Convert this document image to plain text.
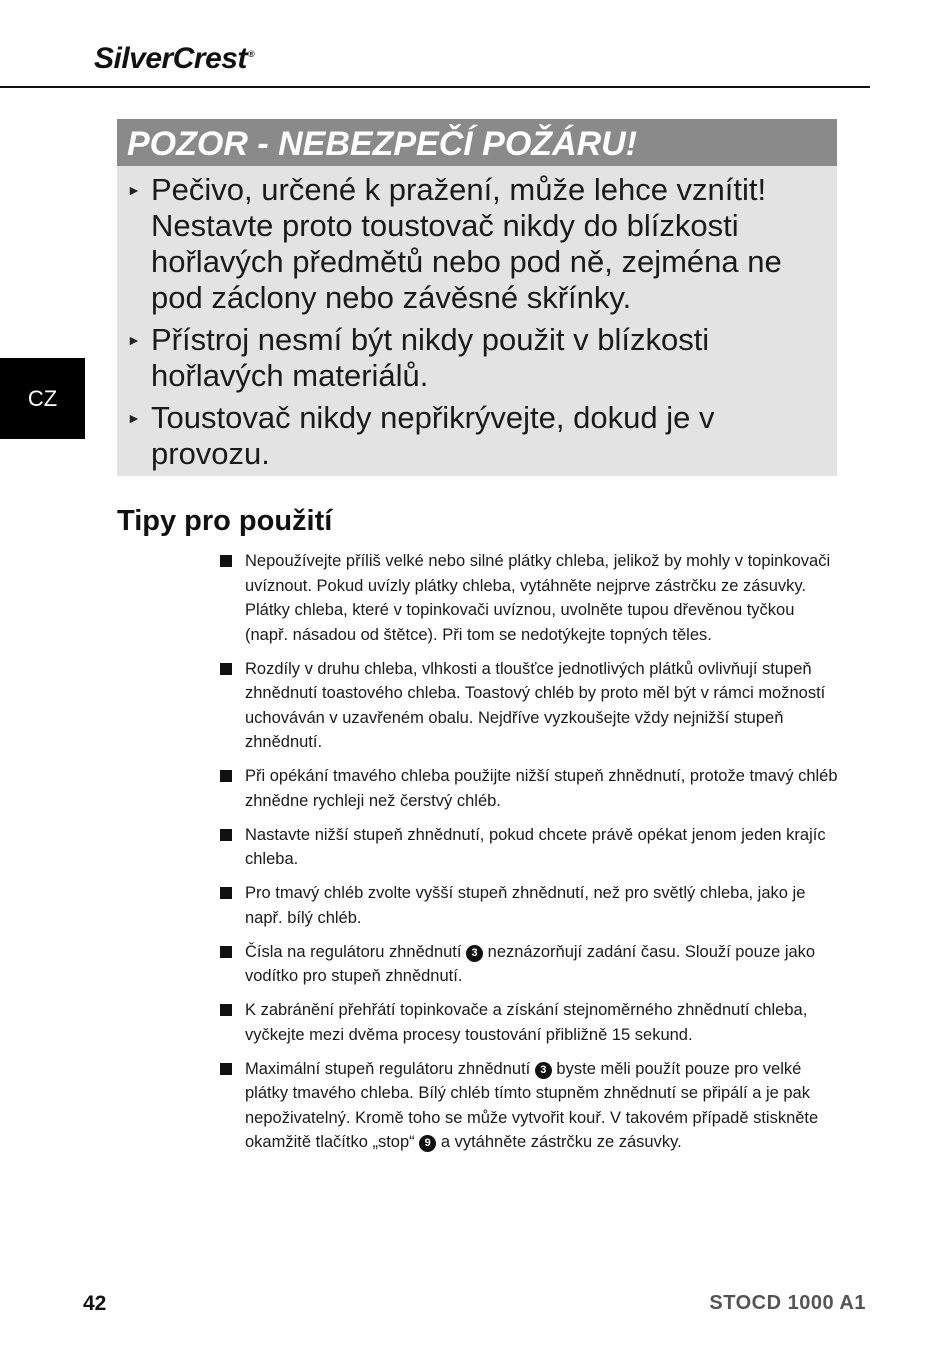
SilverCrest®
CZ
POZOR - NEBEZPEČÍ POŽÁRU!
► Pečivo, určené k pražení, může lehce vznítit! Nestavte proto toustovač nikdy do blízkosti hořlavých předmětů nebo pod ně, zejména ne pod záclony nebo závěsné skřínky.
► Přístroj nesmí být nikdy použit v blízkosti hořlavých materiálů.
► Toustovač nikdy nepřikrývejte, dokud je v provozu.
Tipy pro použití
Nepoužívejte příliš velké nebo silné plátky chleba, jelikož by mohly v topinkovači uvíznout. Pokud uvízly plátky chleba, vytáhněte nejprve zástrčku ze zásuvky. Plátky chleba, které v topinkovači uvíznou, uvolněte tupou dřevěnou tyčkou (např. násadou od štětce). Při tom se nedotýkejte topných těles.
Rozdíly v druhu chleba, vlhkosti a tloušťce jednotlivých plátků ovlivňují stupeň zhnědnutí toastového chleba. Toastový chléb by proto měl být v rámci možností uchováván v uzavřeném obalu. Nejdříve vyzkoušejte vždy nejnižší stupeň zhnědnutí.
Při opékání tmavého chleba použijte nižší stupeň zhnědnutí, protože tmavý chléb zhnědne rychleji než čerstvý chléb.
Nastavte nižší stupeň zhnědnutí, pokud chcete právě opékat jenom jeden krajíc chleba.
Pro tmavý chléb zvolte vyšší stupeň zhnědnutí, než pro světlý chleba, jako je např. bílý chléb.
Čísla na regulátoru zhnědnutí 3 neznázorňují zadání času. Slouží pouze jako vodítko pro stupeň zhnědnutí.
K zabránění přehřátí topinkovače a získání stejnoměrného zhnědnutí chleba, vyčkejte mezi dvěma procesy toustování přibližně 15 sekund.
Maximální stupeň regulátoru zhnědnutí 3 byste měli použít pouze pro velké plátky tmavého chleba. Bílý chléb tímto stupněm zhnědnutí se připálí a je pak nepoživatelný. Kromě toho se může vytvořit kouř. V takovém případě stiskněte okamžitě tlačítko „stop“ 9 a vytáhněte zástrčku ze zásuvky.
42	STOCD 1000 A1
